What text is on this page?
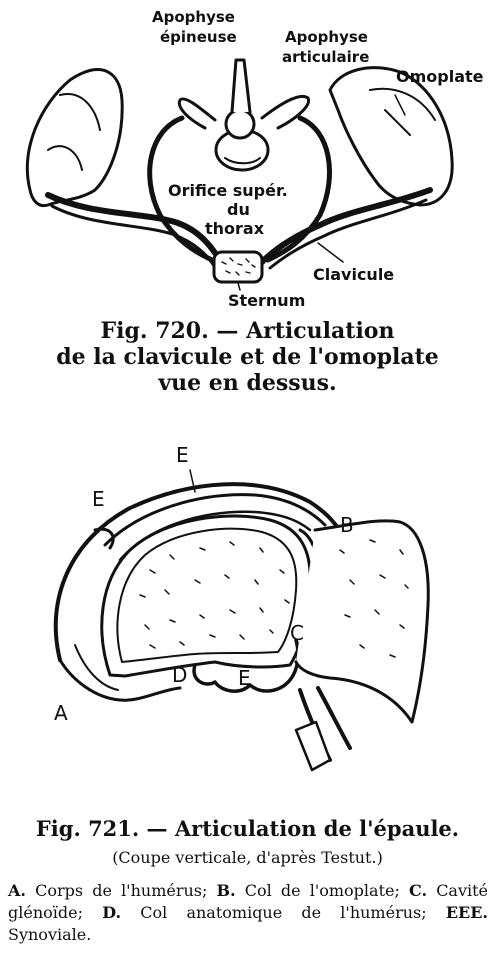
Apophyse
épineuse	Apophyse
articulaire
Omoplate
Orifice supér.
du
thorax
Clavicule
Sternum
Fig. 720. — Articulation
de la clavicule et de l'omoplate
vue en dessus.
E
E
B
C
D	E
A
Fig. 721. — Articulation de l'épaule.
(Coupe verticale, d'après Testut.)
A. Corps de l'humérus; B. Col de l'omoplate; C. Cavité glénoïde; D. Col anatomique de l'humérus; EEE. Synoviale.
